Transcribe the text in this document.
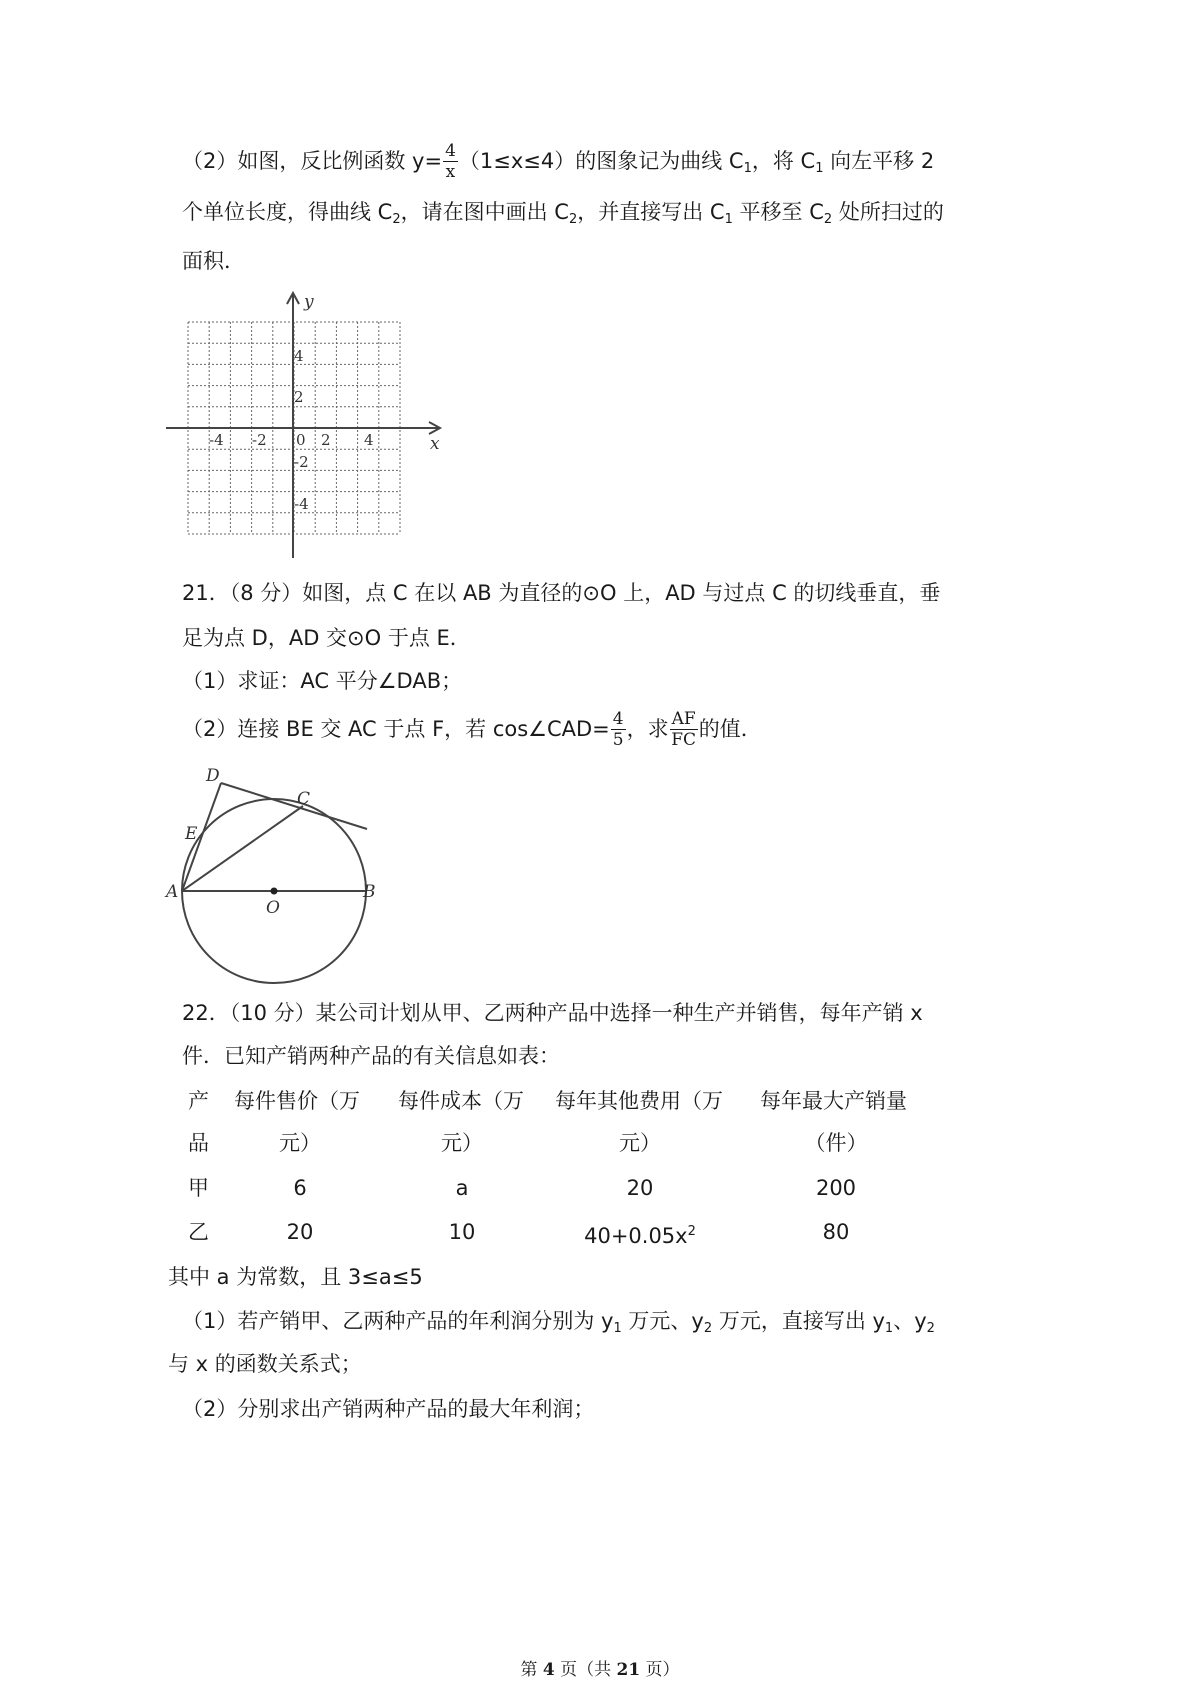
（2）如图，反比例函数 $y= \frac{4}{x} (1\le x\le 4)$的图象记为曲线 $C_1$，将 $C_1$ 向左平移 2
个单位长度，得曲线 $C_2$，请在图中画出 $C_2$，并直接写出 $C_1$ 平移至 $C_2$ 处所扫过的
面积．
y
x
4
2
-2
-4
-4 -2 0 2 4
21．（8 分）如图，点 C 在以 AB 为直径的⊙O 上，AD 与过点 C 的切线垂直，垂
足为点 D，AD 交⊙O 于点 E．
（1）求证：AC 平分∠DAB；
（2）连接 BE 交 AC 于点 F，若 cos∠CAD= $\frac{4}{5}$ ，求 $\frac{AF}{FC}$ 的值．
D
C
E
A	B
O
22．（10 分）某公司计划从甲、乙两种产品中选择一种生产并销售，每年产销 x
件．已知产销两种产品的有关信息如表：
产 每件售价（万 每件成本（万 每年其他费用（万 每年最大产销量
品	元）	元）	元）	（件）
甲	6	a	20	200
乙	20	10	$40+0.05x^2$	80
其中 a 为常数，且 3≤a≤5
（1）若产销甲、乙两种产品的年利润分别为 $y_1$ 万元、$y_2$ 万元，直接写出 $y_1$、$y_2$
与 x 的函数关系式；
（2）分别求出产销两种产品的最大年利润；
第 4 页（共 21 页）
